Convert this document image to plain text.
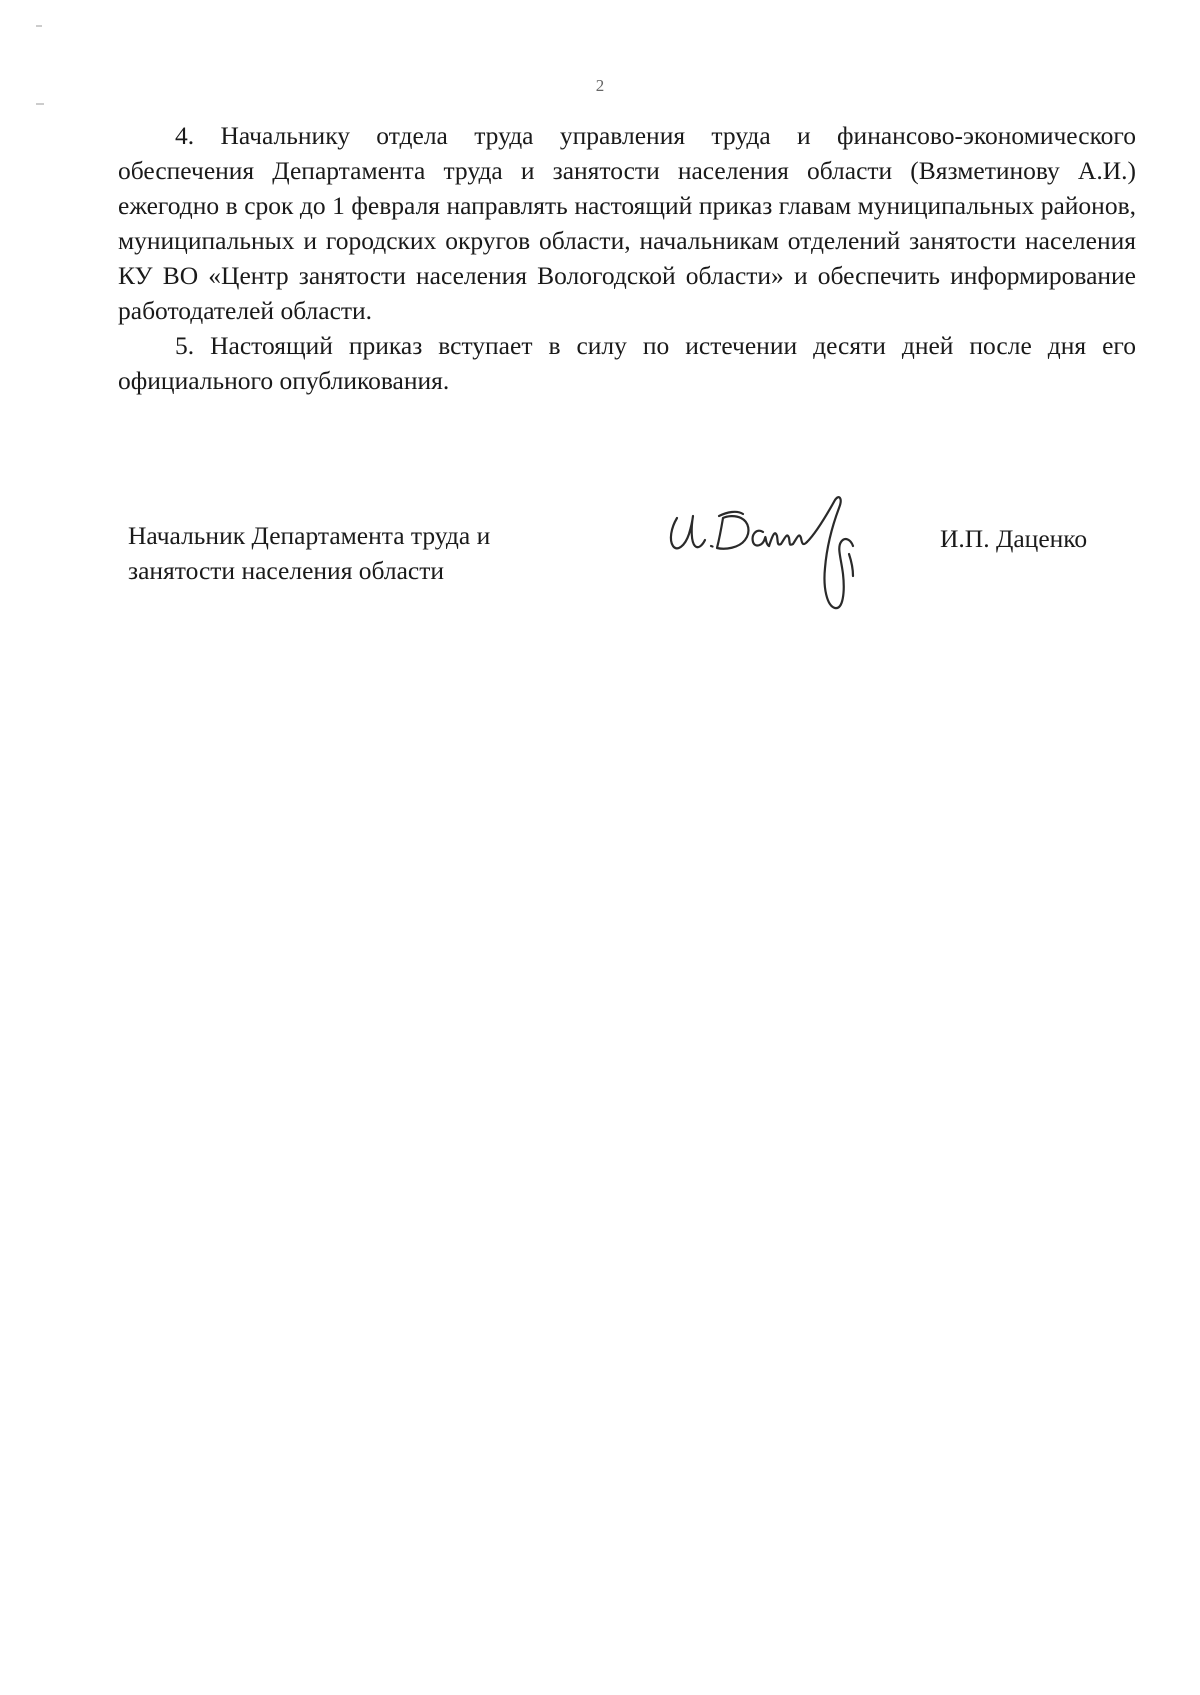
2

4. Начальнику отдела труда управления труда и финансово-экономического обеспечения Департамента труда и занятости населения области (Вязметинову А.И.) ежегодно в срок до 1 февраля направлять настоящий приказ главам муниципальных районов, муниципальных и городских округов области, начальникам отделений занятости населения КУ ВО «Центр занятости населения Вологодской области» и обеспечить информирование работодателей области.

5. Настоящий приказ вступает в силу по истечении десяти дней после дня его официального опубликования.

Начальник Департамента труда и
занятости населения области
И.П. Даценко
